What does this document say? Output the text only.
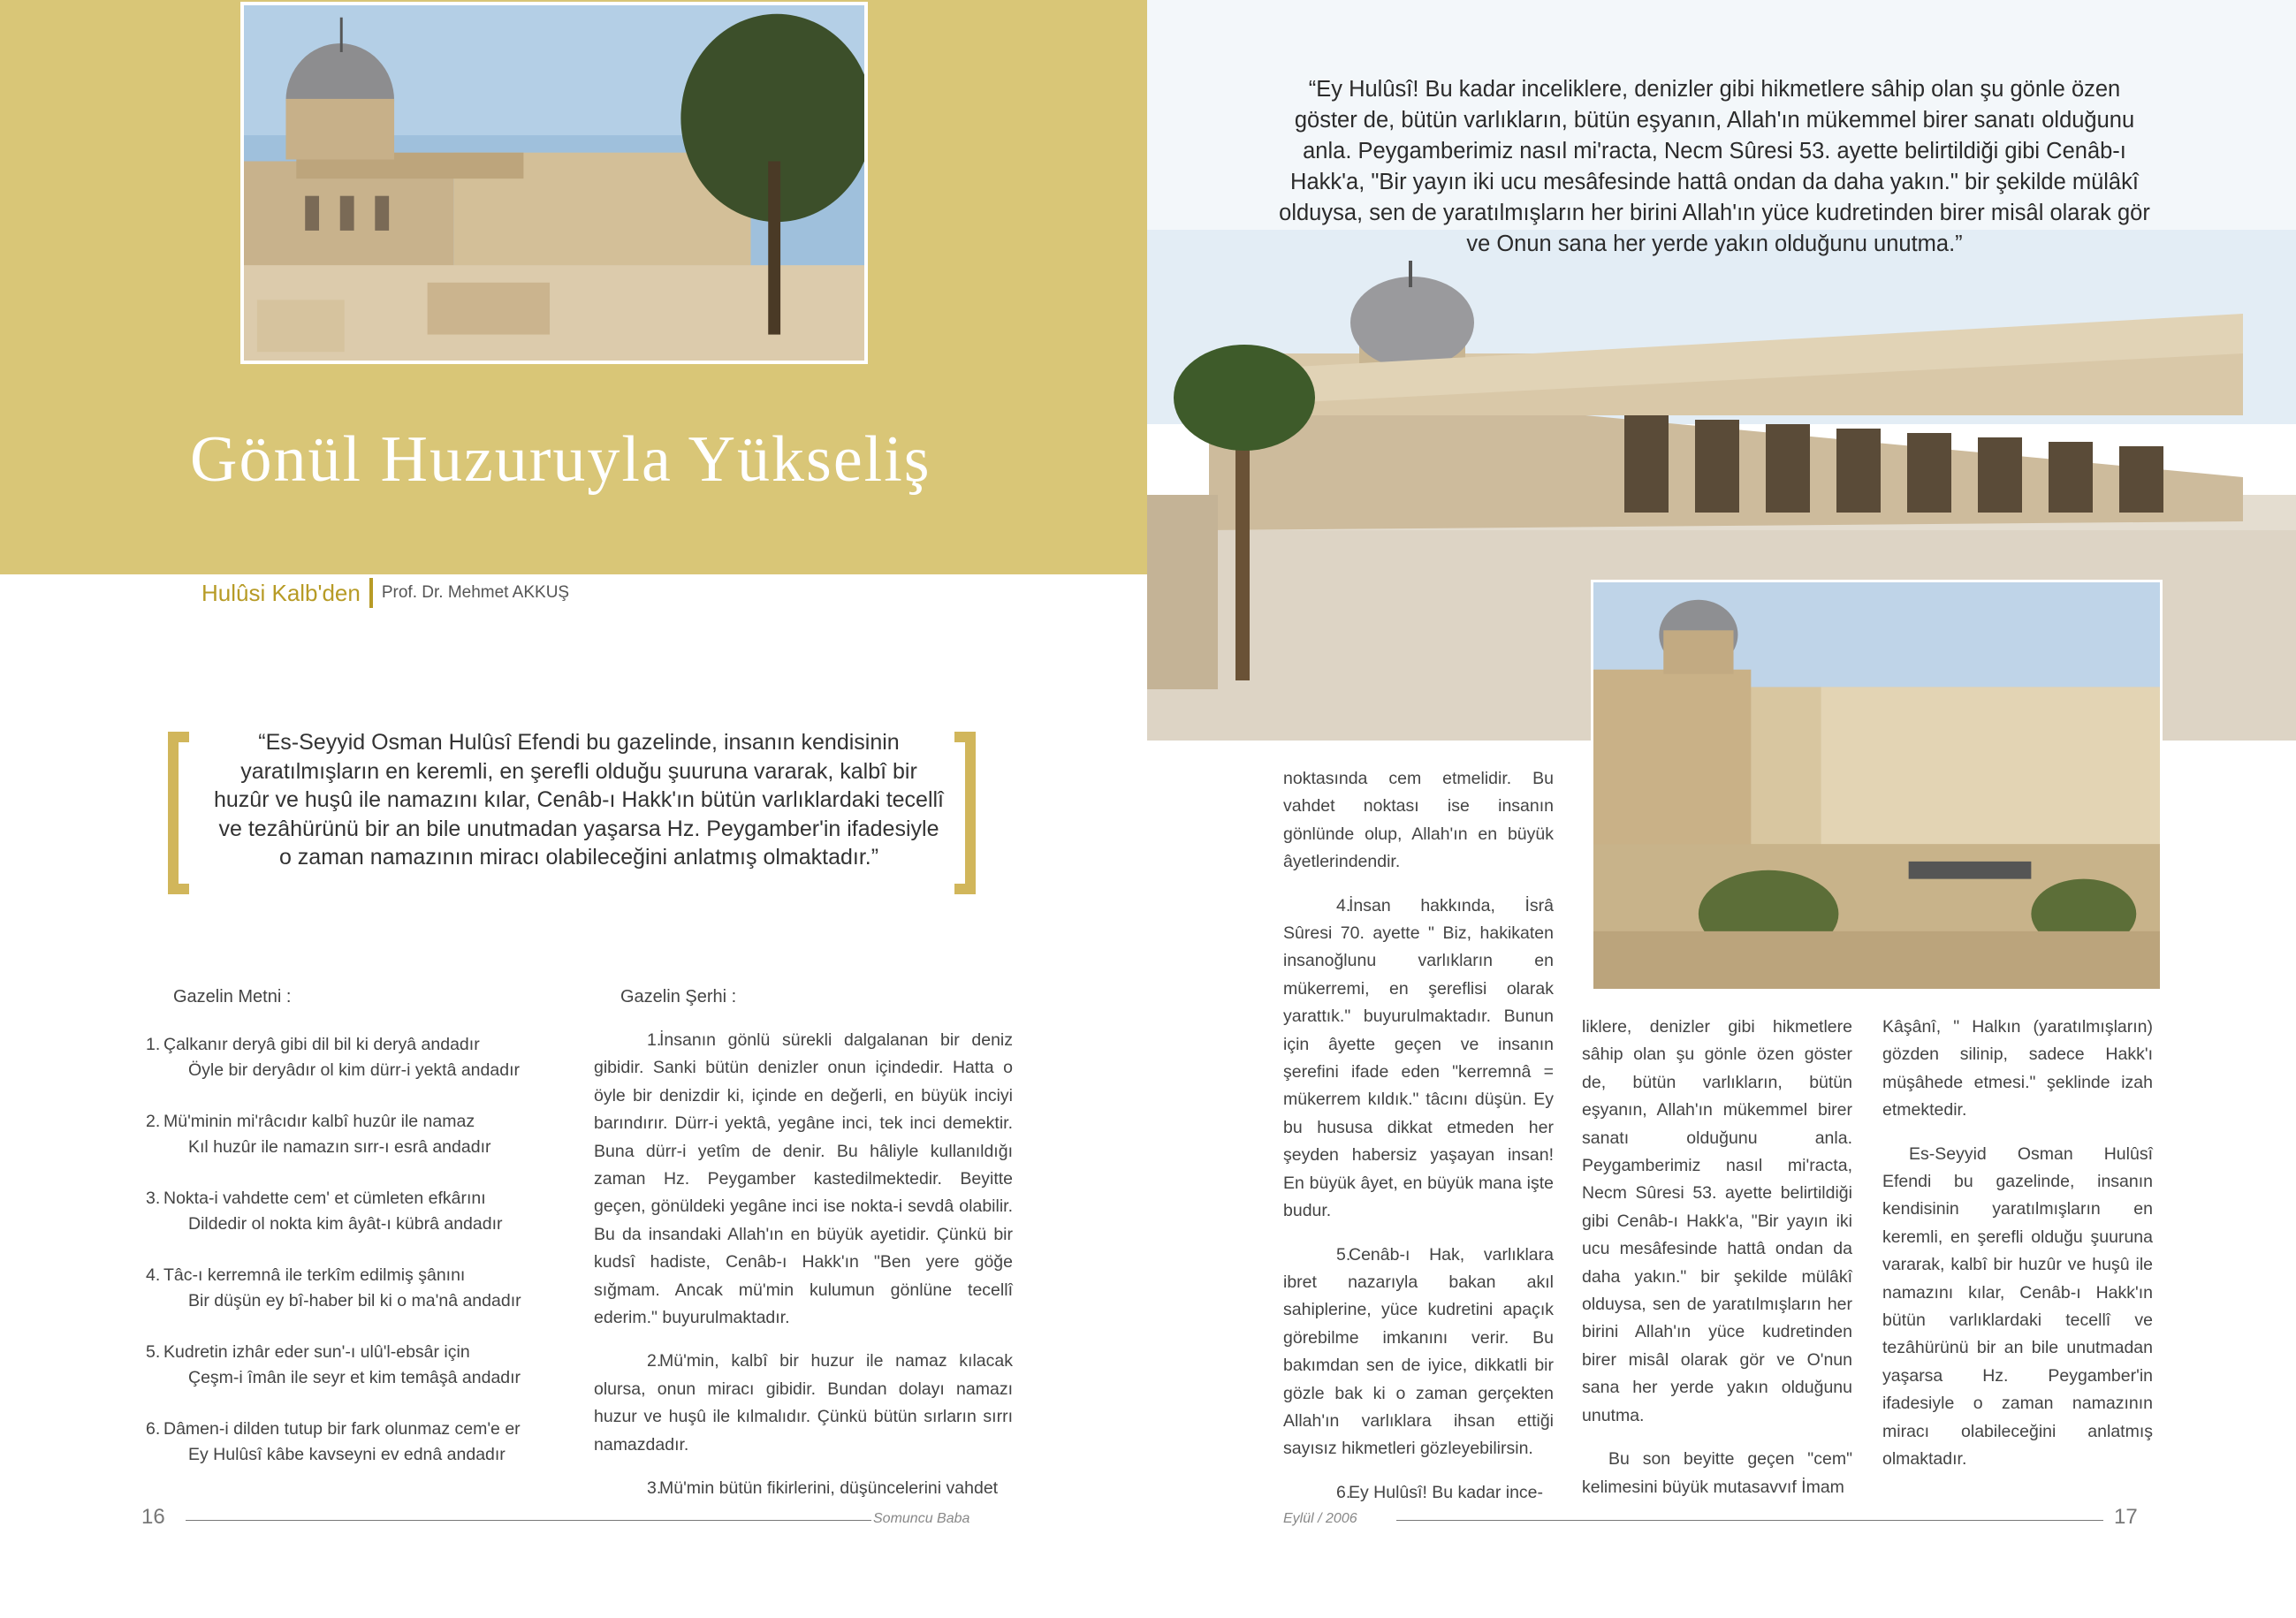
Gönül Huzuruyla Yükseliş
Hulûsi Kalb'den Prof. Dr. Mehmet AKKUŞ
“Ey Hulûsî! Bu kadar inceliklere, denizler gibi hikmetlere sâhip olan şu gönle özen göster de, bütün varlıkların, bütün eşyanın, Allah'ın mükemmel birer sanatı olduğunu anla. Peygamberimiz nasıl mi'racta, Necm Sûresi 53. ayette belirtildiği gibi Cenâb-ı Hakk'a, "Bir yayın iki ucu mesâfesinde hattâ ondan da daha yakın." bir şekilde mülâkî olduysa, sen de yaratılmışların her birini Allah'ın yüce kudretinden birer misâl olarak gör ve Onun sana her yerde yakın olduğunu unutma.”
“Es-Seyyid Osman Hulûsî Efendi bu gazelinde, insanın kendisinin yaratılmışların en keremli, en şerefli olduğu şuuruna vararak, kalbî bir huzûr ve huşû ile namazını kılar, Cenâb-ı Hakk'ın bütün varlıklardaki tecellî ve tezâhürünü bir an bile unutmadan yaşarsa Hz. Peygamber'in ifadesiyle o zaman namazının miracı olabileceğini anlatmış olmaktadır.”
Gazelin Metni :
1. Çalkanır deryâ gibi dil bil ki deryâ andadır
Öyle bir deryâdır ol kim dürr-i yektâ andadır
2. Mü'minin mi'râcıdır kalbî huzûr ile namaz
Kıl huzûr ile namazın sırr-ı esrâ andadır
3. Nokta-i vahdette cem' et cümleten efkârını
Dildedir ol nokta kim âyât-ı kübrâ andadır
4. Tâc-ı kerremnâ ile terkîm edilmiş şânını
Bir düşün ey bî-haber bil ki o ma'nâ andadır
5. Kudretin izhâr eder sun'-ı ulû'l-ebsâr için
Çeşm-i îmân ile seyr et kim temâşâ andadır
6. Dâmen-i dilden tutup bir fark olunmaz cem'e er
Ey Hulûsî kâbe kavseyni ev ednâ andadır
Gazelin Şerhi :

1.İnsanın gönlü sürekli dalgalanan bir deniz gibidir. Sanki bütün denizler onun içindedir. Hatta o öyle bir denizdir ki, içinde en değerli, en büyük inciyi barındırır. Dürr-i yektâ, yegâne inci, tek inci demektir. Buna dürr-i yetîm de denir. Bu hâliyle kullanıldığı zaman Hz. Peygamber kastedilmektedir. Beyitte geçen, gönüldeki yegâne inci ise nokta-i sevdâ olabilir. Bu da insandaki Allah'ın en büyük ayetidir. Çünkü bir kudsî hadiste, Cenâb-ı Hakk'ın "Ben yere göğe sığmam. Ancak mü'min kulumun gönlüne tecellî ederim." buyurulmaktadır.

2.Mü'min, kalbî bir huzur ile namaz kılacak olursa, onun miracı gibidir. Bundan dolayı namazı huzur ve huşû ile kılmalıdır. Çünkü bütün sırların sırrı namazdadır.

3.Mü'min bütün fikirlerini, düşüncelerini vahdet

noktasında cem etmelidir. Bu vahdet noktası ise insanın gönlünde olup, Allah'ın en büyük âyetlerindendir.

4.İnsan hakkında, İsrâ Sûresi 70. ayette " Biz, hakikaten insanoğlunu varlıkların en mükerremi, en şereflisi olarak yarattık." buyurulmaktadır. Bunun için âyette geçen ve insanın şerefini ifade eden "kerremnâ = mükerrem kıldık." tâcını düşün. Ey bu hususa dikkat etmeden her şeyden habersiz yaşayan insan! En büyük âyet, en büyük mana işte budur.

5.Cenâb-ı Hak, varlıklara ibret nazarıyla bakan akıl sahiplerine, yüce kudretini apaçık görebilme imkanını verir. Bu bakımdan sen de iyice, dikkatli bir gözle bak ki o zaman gerçekten Allah'ın varlıklara ihsan ettiği sayısız hikmetleri gözleyebilirsin.

6.Ey Hulûsî! Bu kadar ince-

liklere, denizler gibi hikmetlere sâhip olan şu gönle özen göster de, bütün varlıkların, bütün eşyanın, Allah'ın mükemmel birer sanatı olduğunu anla. Peygamberimiz nasıl mi'racta, Necm Sûresi 53. ayette belirtildiği gibi Cenâb-ı Hakk'a, "Bir yayın iki ucu mesâfesinde hattâ ondan da daha yakın." bir şekilde mülâkî olduysa, sen de yaratılmışların her birini Allah'ın yüce kudretinden birer misâl olarak gör ve O'nun sana her yerde yakın olduğunu unutma.

Bu son beyitte geçen "cem" kelimesini büyük mutasavvıf İmam

Kâşânî, " Halkın (yaratılmışların) gözden silinip, sadece Hakk'ı müşâhede etmesi." şeklinde izah etmektedir.

Es-Seyyid Osman Hulûsî Efendi bu gazelinde, insanın kendisinin yaratılmışların en keremli, en şerefli olduğu şuuruna vararak, kalbî bir huzûr ve huşû ile namazını kılar, Cenâb-ı Hakk'ın bütün varlıklardaki tecellî ve tezâhürünü bir an bile unutmadan yaşarsa Hz. Peygamber'in ifadesiyle o zaman namazının miracı olabileceğini anlatmış olmaktadır.

16	Somuncu Baba	Eylül / 2006	17
